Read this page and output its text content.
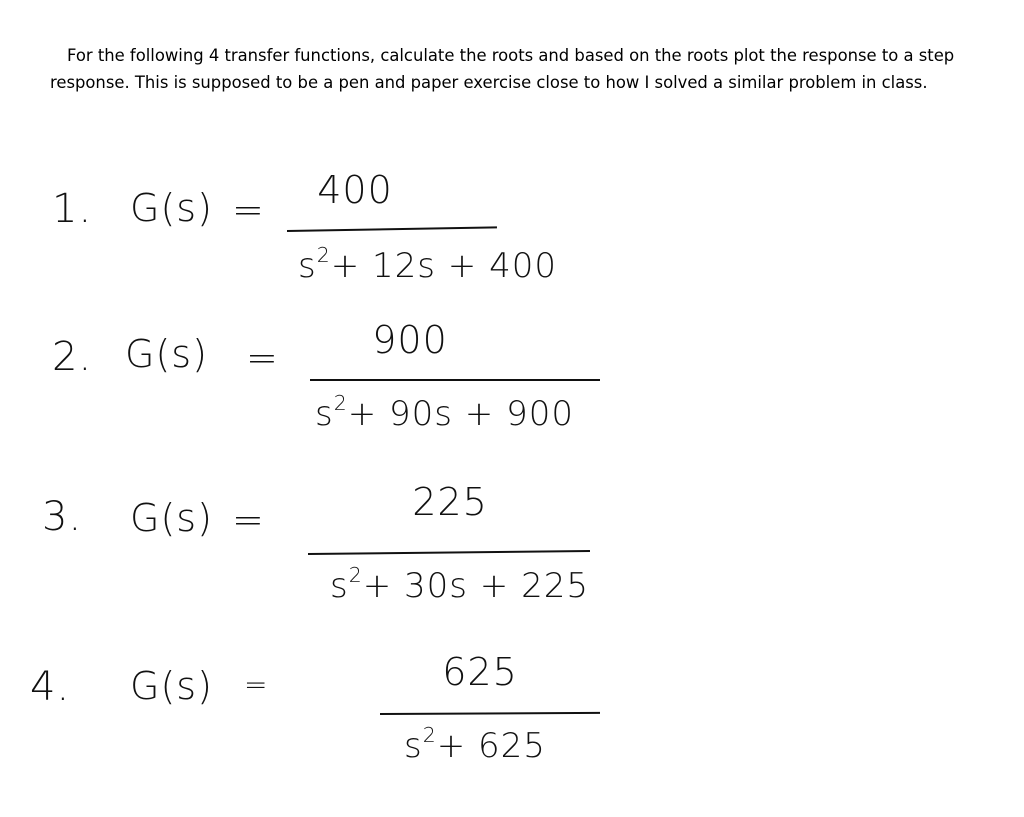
For the following 4 transfer functions, calculate the roots and based on the roots plot the response to a step response. This is supposed to be a pen and paper exercise close to how I solved a similar problem in class.

1. G(s) =	400
$s^2+ 12s + 400$
2. G(s) =	900
$s^2+ 90s + 900$
3. G(s) =	225
$s^2+ 30s + 225$
4. G(s) =	625
$s^2+ 625$
